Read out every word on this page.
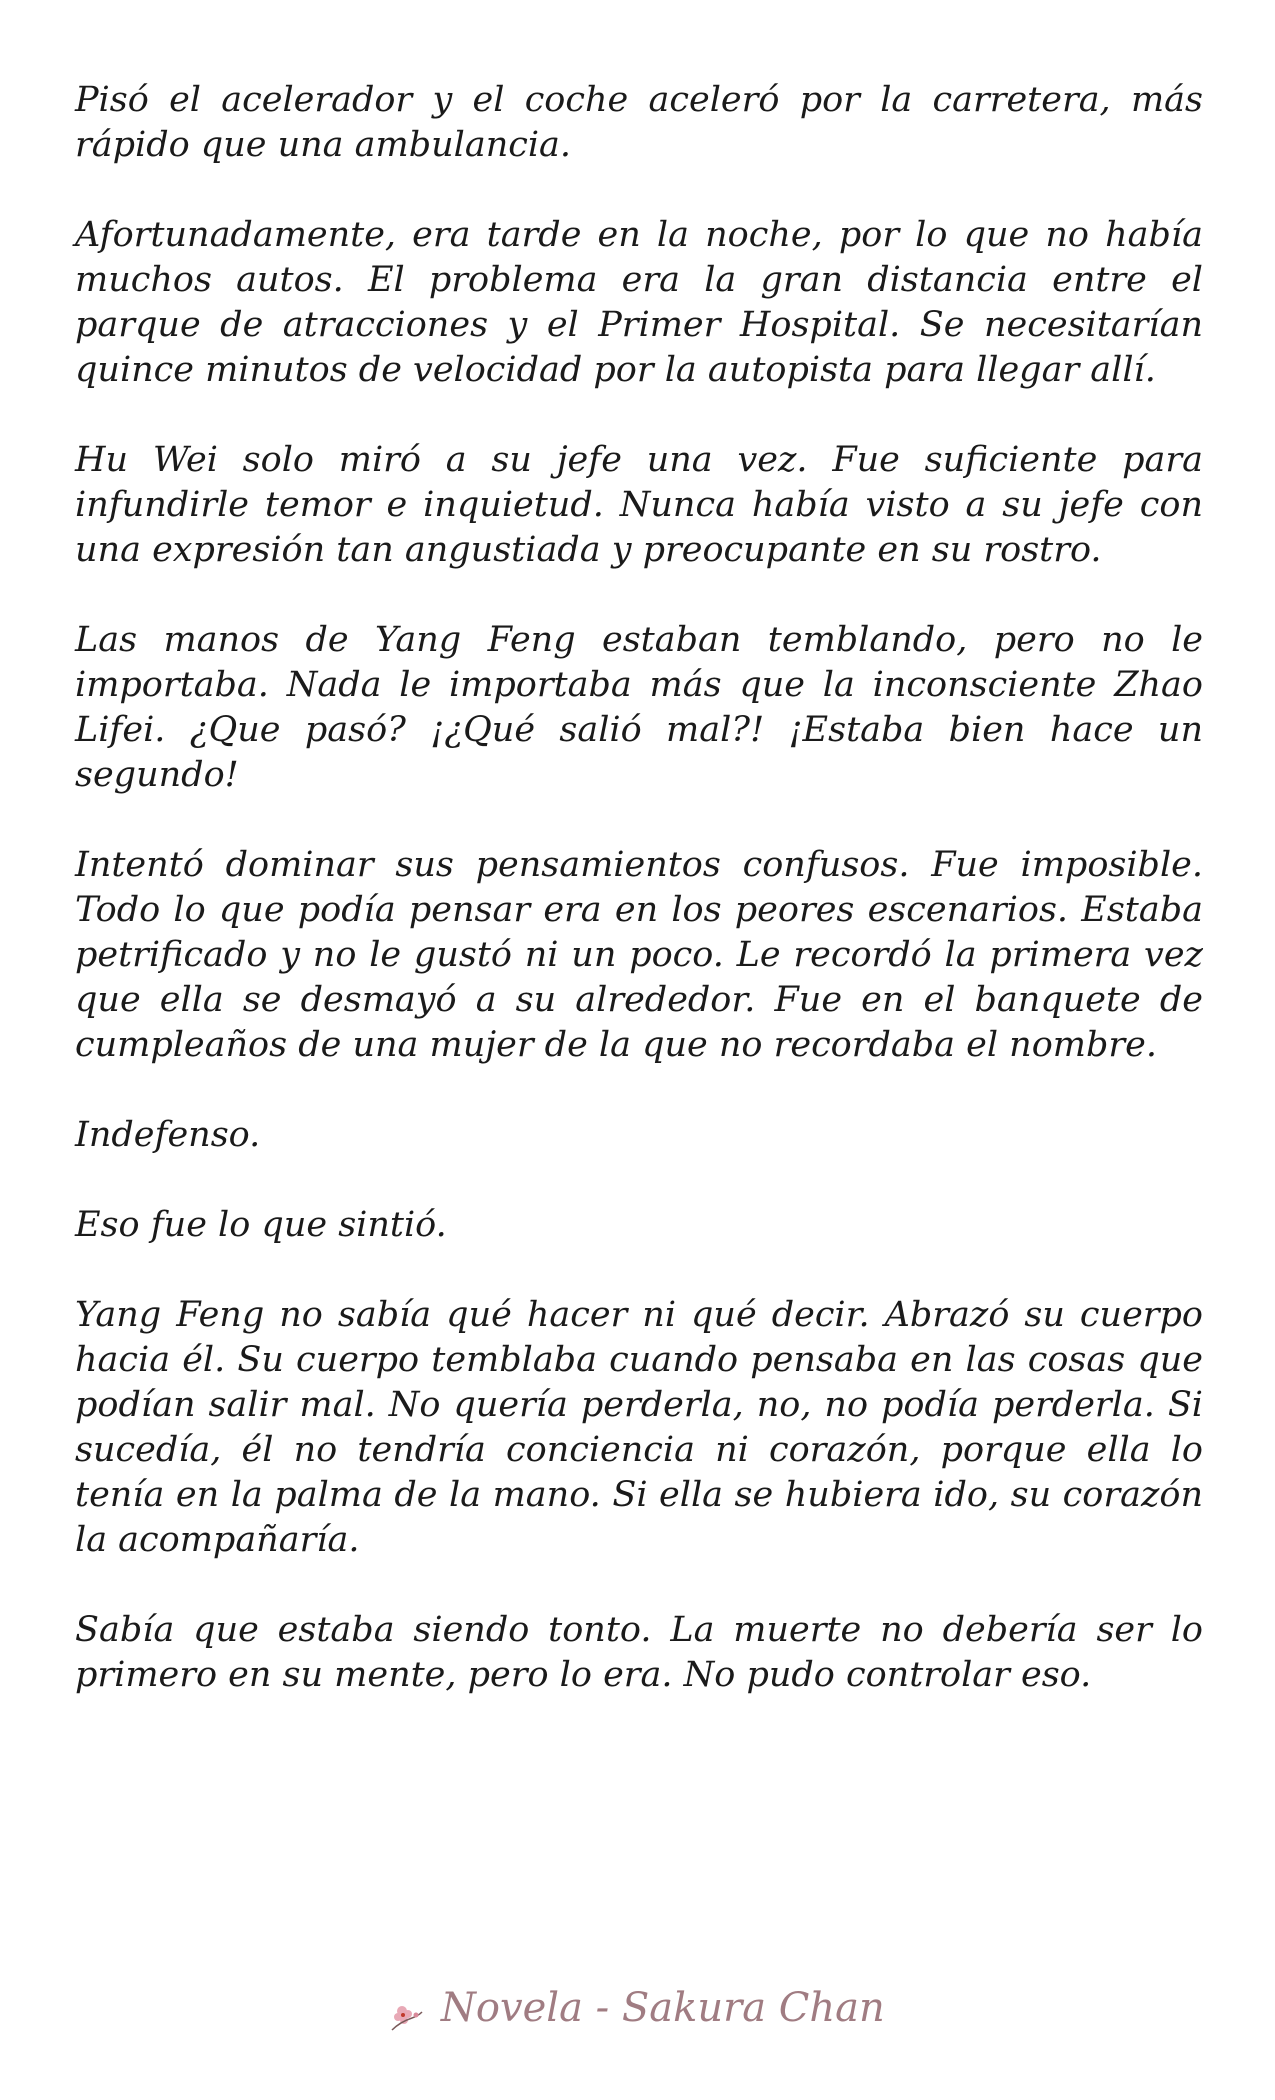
Pisó el acelerador y el coche aceleró por la carretera, más rápido que una ambulancia.

Afortunadamente, era tarde en la noche, por lo que no había muchos autos. El problema era la gran distancia entre el parque de atracciones y el Primer Hospital. Se necesitarían quince minutos de velocidad por la autopista para llegar allí.

Hu Wei solo miró a su jefe una vez. Fue suficiente para infundirle temor e inquietud. Nunca había visto a su jefe con una expresión tan angustiada y preocupante en su rostro.

Las manos de Yang Feng estaban temblando, pero no le importaba. Nada le importaba más que la inconsciente Zhao Lifei. ¿Que pasó? ¡¿Qué salió mal?! ¡Estaba bien hace un segundo!

Intentó dominar sus pensamientos confusos. Fue imposible. Todo lo que podía pensar era en los peores escenarios. Estaba petrificado y no le gustó ni un poco. Le recordó la primera vez que ella se desmayó a su alrededor. Fue en el banquete de cumpleaños de una mujer de la que no recordaba el nombre.

Indefenso.

Eso fue lo que sintió.

Yang Feng no sabía qué hacer ni qué decir. Abrazó su cuerpo hacia él. Su cuerpo temblaba cuando pensaba en las cosas que podían salir mal. No quería perderla, no, no podía perderla. Si sucedía, él no tendría conciencia ni corazón, porque ella lo tenía en la palma de la mano. Si ella se hubiera ido, su corazón la acompañaría.

Sabía que estaba siendo tonto. La muerte no debería ser lo primero en su mente, pero lo era. No pudo controlar eso.

Novela - Sakura Chan
